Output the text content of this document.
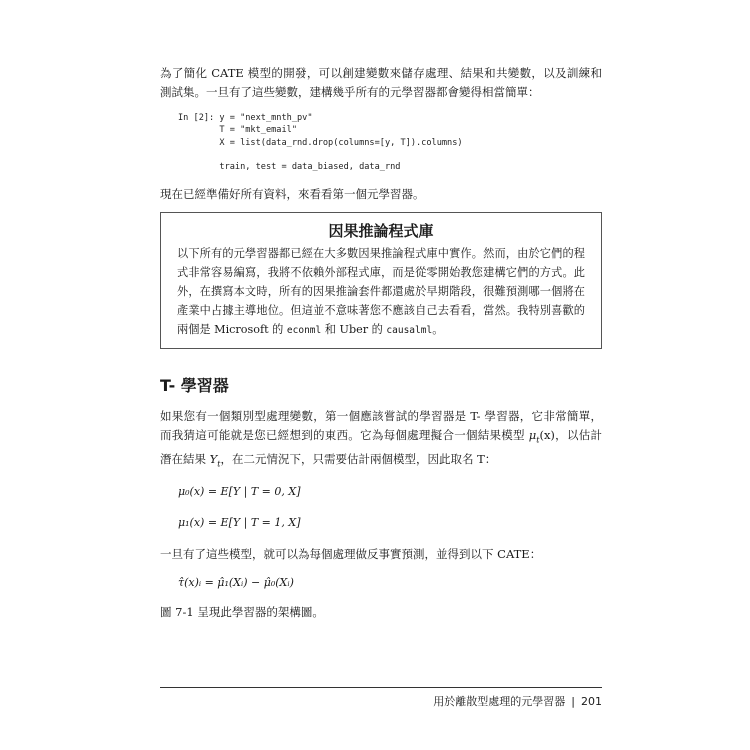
為了簡化 CATE 模型的開發，可以創建變數來儲存處理、結果和共變數，以及訓練和測試集。一旦有了這些變數，建構幾乎所有的元學習器都會變得相當簡單：

In [2]: y = "next_mnth_pv"
T = "mkt_email"
X = list(data_rnd.drop(columns=[y, T]).columns)

train, test = data_biased, data_rnd

現在已經準備好所有資料，來看看第一個元學習器。

因果推論程式庫

以下所有的元學習器都已經在大多數因果推論程式庫中實作。然而，由於它們的程式非常容易編寫，我將不依賴外部程式庫，而是從零開始教您建構它們的方式。此外，在撰寫本文時，所有的因果推論套件都還處於早期階段，很難預測哪一個將在產業中占據主導地位。但這並不意味著您不應該自己去看看，當然。我特別喜歡的兩個是 Microsoft 的 econml 和 Uber 的 causalml。

T- 學習器

如果您有一個類別型處理變數，第一個應該嘗試的學習器是 T- 學習器，它非常簡單，而我猜這可能就是您已經想到的東西。它為每個處理擬合一個結果模型 $\mu_t(x)$，以估計潛在結果 $Y_t$，在二元情況下，只需要估計兩個模型，因此取名 T：

μ₀(x) = E[Y | T = 0, X]
μ₁(x) = E[Y | T = 1, X]

一旦有了這些模型，就可以為每個處理做反事實預測，並得到以下 CATE：

τ̂(x)ᵢ = μ̂₁(Xᵢ) − μ̂₀(Xᵢ)

圖 7-1 呈現此學習器的架構圖。

用於離散型處理的元學習器 | 201
